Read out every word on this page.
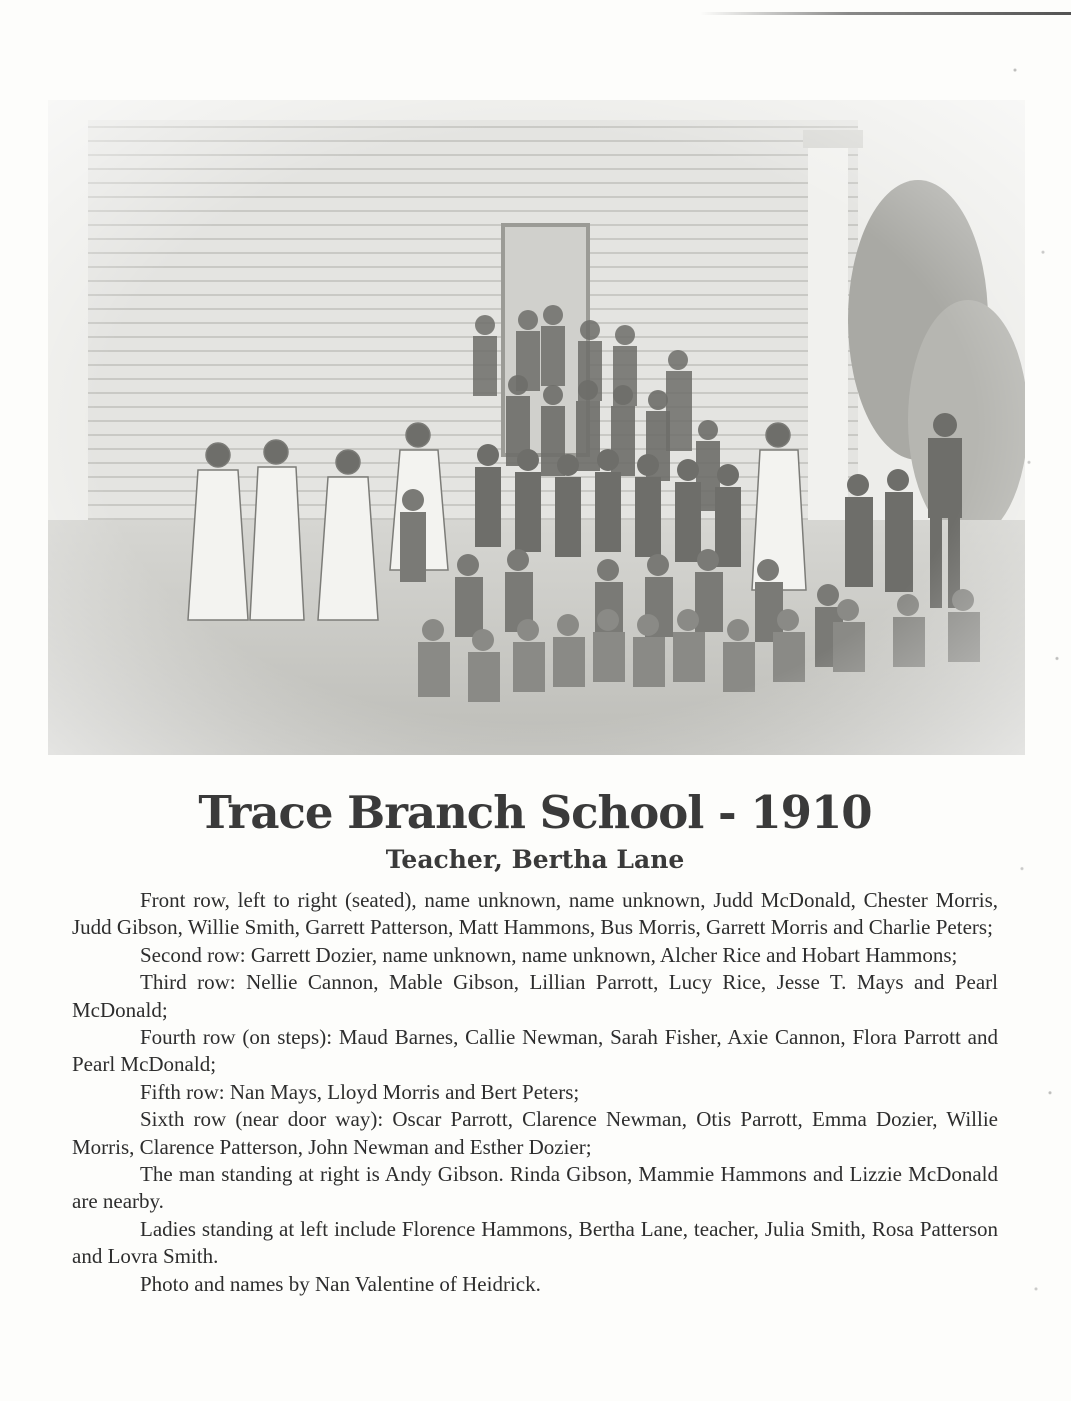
Trace Branch School - 1910
Teacher, Bertha Lane

Front row, left to right (seated), name unknown, name unknown, Judd McDonald, Chester Morris, Judd Gibson, Willie Smith, Garrett Patterson, Matt Hammons, Bus Morris, Garrett Morris and Charlie Peters;

Second row: Garrett Dozier, name unknown, name unknown, Alcher Rice and Hobart Hammons;

Third row: Nellie Cannon, Mable Gibson, Lillian Parrott, Lucy Rice, Jesse T. Mays and Pearl McDonald;

Fourth row (on steps): Maud Barnes, Callie Newman, Sarah Fisher, Axie Cannon, Flora Parrott and Pearl McDonald;

Fifth row: Nan Mays, Lloyd Morris and Bert Peters;

Sixth row (near door way): Oscar Parrott, Clarence Newman, Otis Parrott, Emma Dozier, Willie Morris, Clarence Patterson, John Newman and Esther Dozier;

The man standing at right is Andy Gibson. Rinda Gibson, Mammie Hammons and Lizzie McDonald are nearby.

Ladies standing at left include Florence Hammons, Bertha Lane, teacher, Julia Smith, Rosa Patterson and Lovra Smith.

Photo and names by Nan Valentine of Heidrick.
